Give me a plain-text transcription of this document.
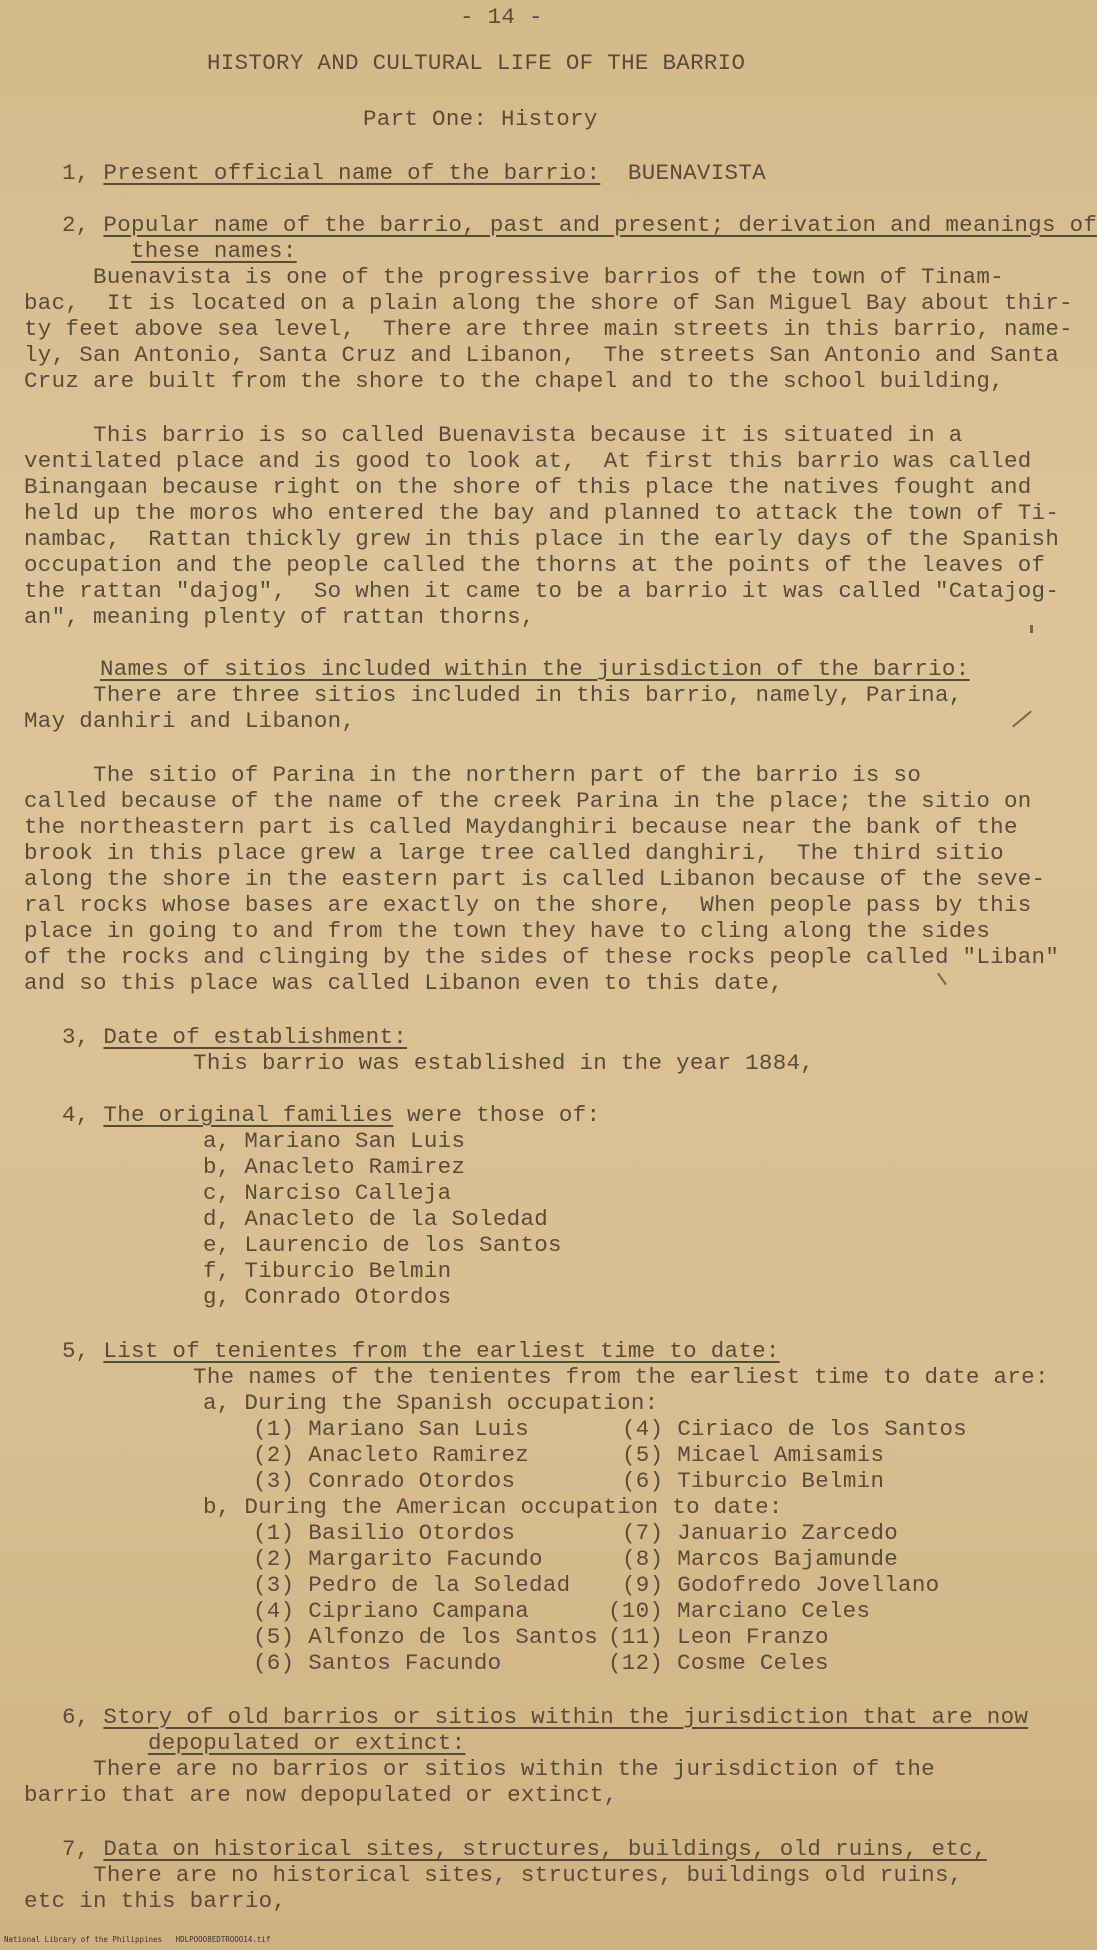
- 14 -
HISTORY AND CULTURAL LIFE OF THE BARRIO
Part One: History
1, Present official name of the barrio:  BUENAVISTA
2, Popular name of the barrio, past and present; derivation and meanings of
these names:
Buenavista is one of the progressive barrios of the town of Tinam-
bac,  It is located on a plain along the shore of San Miguel Bay about thir-
ty feet above sea level,  There are three main streets in this barrio, name-
ly, San Antonio, Santa Cruz and Libanon,  The streets San Antonio and Santa
Cruz are built from the shore to the chapel and to the school building,
This barrio is so called Buenavista because it is situated in a
ventilated place and is good to look at,  At first this barrio was called
Binangaan because right on the shore of this place the natives fought and
held up the moros who entered the bay and planned to attack the town of Ti-
nambac,  Rattan thickly grew in this place in the early days of the Spanish
occupation and the people called the thorns at the points of the leaves of
the rattan "dajog",  So when it came to be a barrio it was called "Catajog-
an", meaning plenty of rattan thorns,
Names of sitios included within the jurisdiction of the barrio:
There are three sitios included in this barrio, namely, Parina,
May danhiri and Libanon,
The sitio of Parina in the northern part of the barrio is so
called because of the name of the creek Parina in the place; the sitio on
the northeastern part is called Maydanghiri because near the bank of the
brook in this place grew a large tree called danghiri,  The third sitio
along the shore in the eastern part is called Libanon because of the seve-
ral rocks whose bases are exactly on the shore,  When people pass by this
place in going to and from the town they have to cling along the sides
of the rocks and clinging by the sides of these rocks people called "Liban"
and so this place was called Libanon even to this date,
3, Date of establishment:
This barrio was established in the year 1884,
4, The original families were those of:
a, Mariano San Luis
b, Anacleto Ramirez
c, Narciso Calleja
d, Anacleto de la Soledad
e, Laurencio de los Santos
f, Tiburcio Belmin
g, Conrado Otordos
5, List of tenientes from the earliest time to date:
The names of the tenientes from the earliest time to date are:
a, During the Spanish occupation:
(1) Mariano San Luis
(2) Anacleto Ramirez
(3) Conrado Otordos
(4) Ciriaco de los Santos
(5) Micael Amisamis
(6) Tiburcio Belmin
b, During the American occupation to date:
(1) Basilio Otordos
(2) Margarito Facundo
(3) Pedro de la Soledad
(4) Cipriano Campana
(5) Alfonzo de los Santos
(6) Santos Facundo
(7) Januario Zarcedo
(8) Marcos Bajamunde
(9) Godofredo Jovellano
(10) Marciano Celes
(11) Leon Franzo
(12) Cosme Celes
6, Story of old barrios or sitios within the jurisdiction that are now
depopulated or extinct:
There are no barrios or sitios within the jurisdiction of the
barrio that are now depopulated or extinct,
7, Data on historical sites, structures, buildings, old ruins, etc,
There are no historical sites, structures, buildings old ruins,
etc in this barrio,
National Library of the Philippines   HDLPOOO8EDTROOO14.tif
